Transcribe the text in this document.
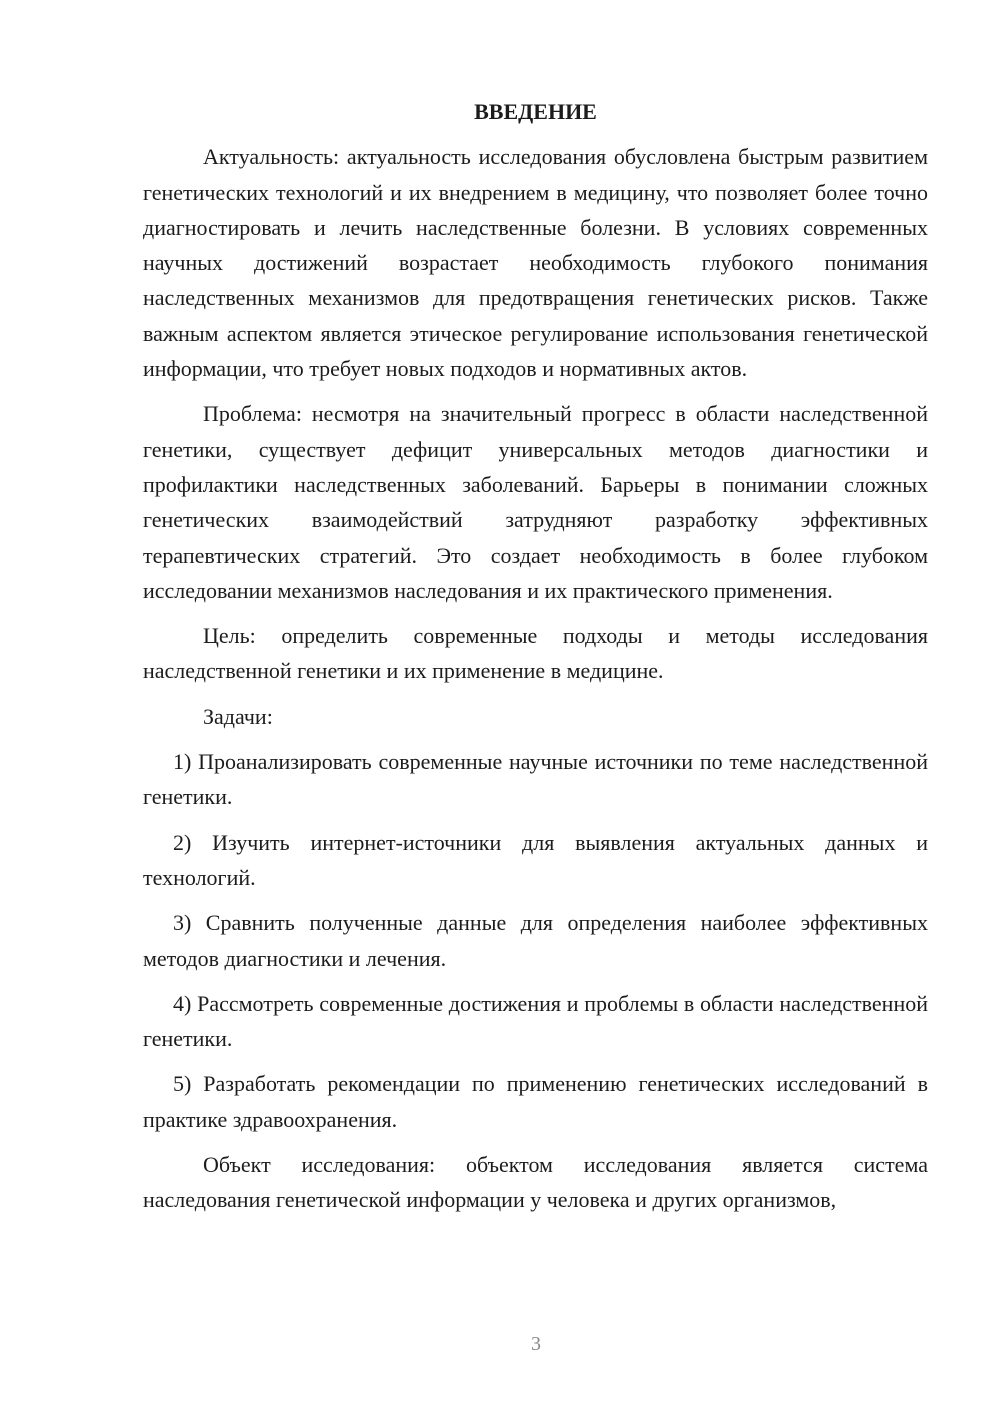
ВВЕДЕНИЕ

Актуальность: актуальность исследования обусловлена быстрым развитием генетических технологий и их внедрением в медицину, что позволяет более точно диагностировать и лечить наследственные болезни. В условиях современных научных достижений возрастает необходимость глубокого понимания наследственных механизмов для предотвращения генетических рисков. Также важным аспектом является этическое регулирование использования генетической информации, что требует новых подходов и нормативных актов.

Проблема: несмотря на значительный прогресс в области наследственной генетики, существует дефицит универсальных методов диагностики и профилактики наследственных заболеваний. Барьеры в понимании сложных генетических взаимодействий затрудняют разработку эффективных терапевтических стратегий. Это создает необходимость в более глубоком исследовании механизмов наследования и их практического применения.

Цель: определить современные подходы и методы исследования наследственной генетики и их применение в медицине.

Задачи:

1) Проанализировать современные научные источники по теме наследственной генетики.

2) Изучить интернет-источники для выявления актуальных данных и технологий.

3) Сравнить полученные данные для определения наиболее эффективных методов диагностики и лечения.

4) Рассмотреть современные достижения и проблемы в области наследственной генетики.

5) Разработать рекомендации по применению генетических исследований в практике здравоохранения.

Объект исследования: объектом исследования является система наследования генетической информации у человека и других организмов,

3
